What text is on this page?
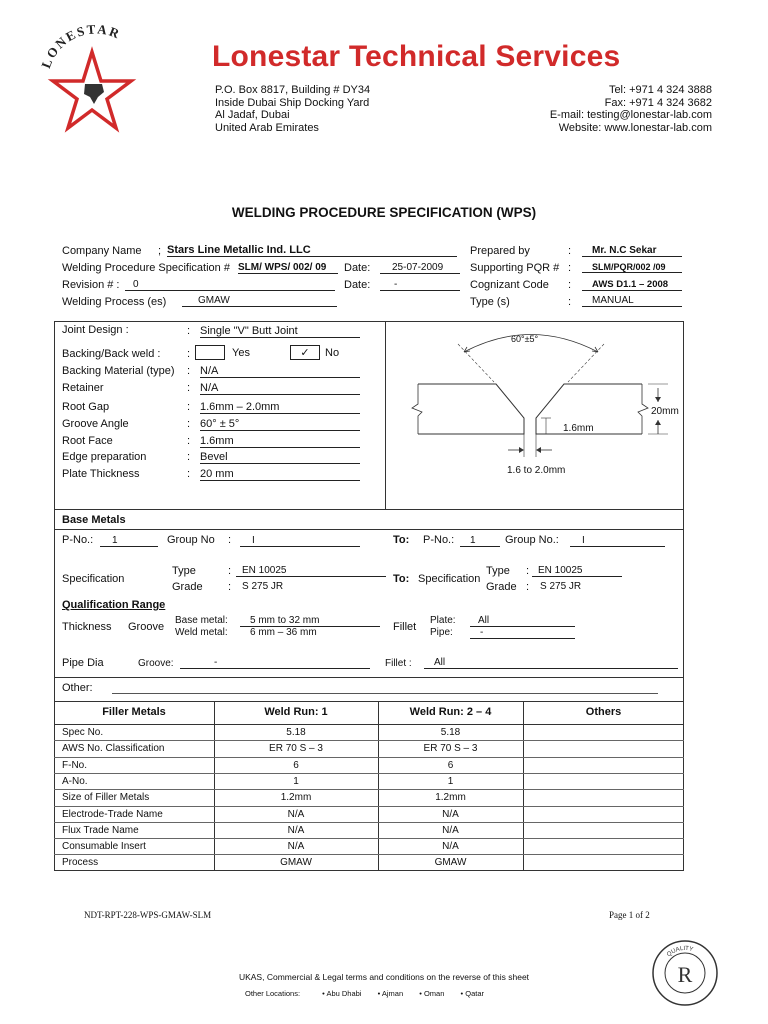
LONESTAR
Lonestar Technical Services
P.O. Box 8817, Building # DY34
Inside Dubai Ship Docking Yard
Al Jadaf, Dubai
United Arab Emirates
Tel: +971 4 324 3888
Fax: +971 4 324 3682
E-mail: testing@lonestar-lab.com
Website: www.lonestar-lab.com
WELDING PROCEDURE SPECIFICATION (WPS)
Company Name ; Stars Line Metallic Ind. LLC
Welding Procedure Specification # SLM/ WPS/ 002/ 09	Date:	25-07-2009
Revision # :	0	Date:	-
Welding Process (es)	GMAW
Prepared by	:	Mr. N.C Sekar
Supporting PQR # :	SLM/PQR/002 /09
Cognizant Code :	AWS D1.1 – 2008
Type (s)	:	MANUAL
Joint Design :	: Single "V" Butt Joint
Backing/Back weld : :	Yes	✓	No
Backing Material (type) : N/A
Retainer	: N/A
Root Gap	: 1.6mm – 2.0mm
Groove Angle	: 60° ± 5°
Root Face	: 1.6mm
Edge preparation	: Bevel
Plate Thickness	: 20 mm
60°±5°
20mm
1.6mm
1.6 to 2.0mm
Base Metals
P-No.:	1	Group No :	I	To: P-No.:	1	Group No.:	I
Specification
Type	:	EN 10025
Grade : S 275 JR
To: Specification
Type : EN 10025
Grade : S 275 JR
Qualification Range
Thickness Groove
Base metal:	5 mm to 32 mm
Weld metal: 6 mm – 36 mm	Fillet
Plate:	All
Pipe:	-
Pipe Dia	Groove:	-	Fillet :	All
Other:
Filler Metals	Weld Run: 1	Weld Run: 2 – 4	Others
Spec No.	5.18	5.18
AWS No. Classification	ER 70 S – 3	ER 70 S – 3
F-No.	6	6
A-No.	1	1
Size of Filler Metals	1.2mm	1.2mm
Electrode-Trade Name	N/A	N/A
Flux Trade Name	N/A	N/A
Consumable Insert	N/A	N/A
Process	GMAW	GMAW
NDT-RPT-228-WPS-GMAW-SLM	Page 1 of 2
UKAS, Commercial & Legal terms and conditions on the reverse of this sheet
Other Locations:	• Abu Dhabi • Ajman • Oman • Qatar
QUALITY
R
